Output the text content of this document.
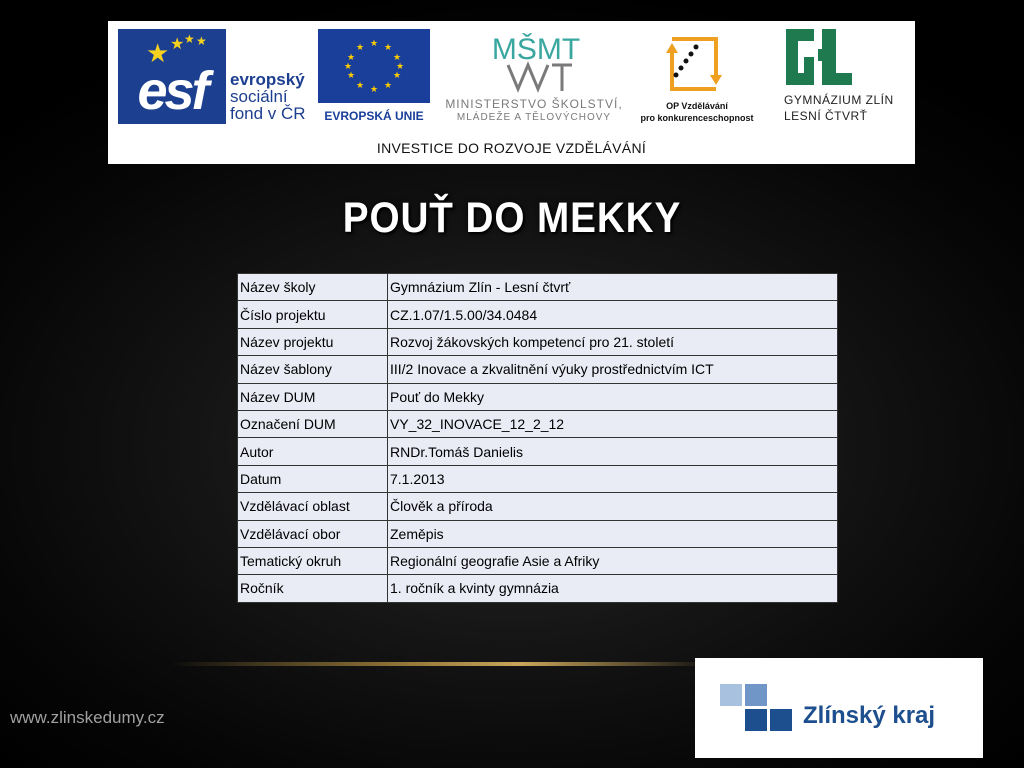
★ ★ ★ ★
esf	evropský
sociální
fond v ČR
★ ★
★
★
★
★
★
★
★
★
★
★
EVROPSKÁ UNIE
MŠMT
MINISTERSTVO ŠKOLSTVÍ,
MLÁDEŽE A TĚLOVÝCHOVY
OP Vzdělávání
pro konkurenceschopnost
GYMNÁZIUM ZLÍN
LESNÍ ČTVRŤ
INVESTICE DO ROZVOJE VZDĚLÁVÁNÍ
POUŤ DO MEKKY
Název školy	Gymnázium Zlín - Lesní čtvrť
Číslo projektu	CZ.1.07/1.5.00/34.0484
Název projektu	Rozvoj žákovských kompetencí pro 21. století
Název šablony	III/2 Inovace a zkvalitnění výuky prostřednictvím ICT
Název DUM	Pouť do Mekky
Označení DUM	VY_32_INOVACE_12_2_12
Autor	RNDr.Tomáš Danielis
Datum	7.1.2013
Vzdělávací oblast	Člověk a příroda
Vzdělávací obor	Zeměpis
Tematický okruh	Regionální geografie Asie a Afriky
Ročník	1. ročník a kvinty gymnázia
www.zlinskedumy.cz	Zlínský kraj
